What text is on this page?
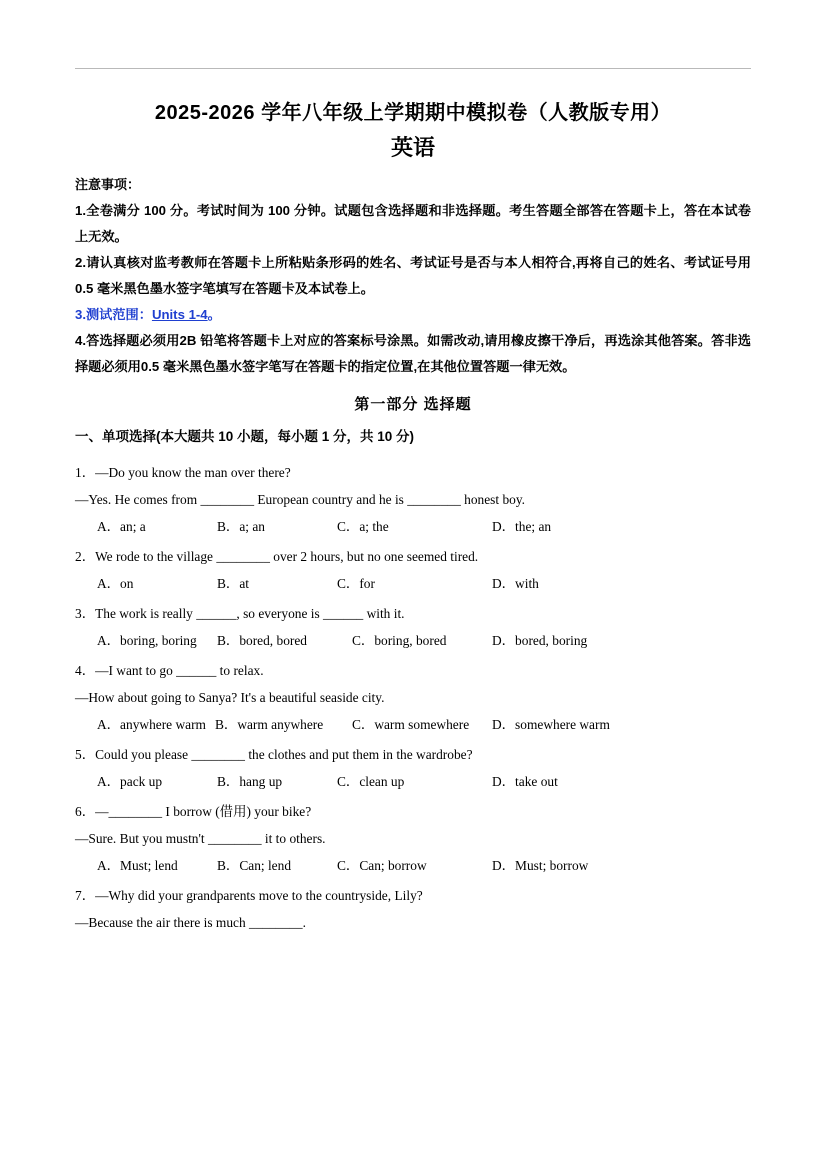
2025-2026 学年八年级上学期期中模拟卷（人教版专用）
英语
注意事项：

1.全卷满分 100 分。考试时间为 100 分钟。试题包含选择题和非选择题。考生答题全部答在答题卡上，答在本试卷上无效。

2.请认真核对监考教师在答题卡上所粘贴条形码的姓名、考试证号是否与本人相符合,再将自己的姓名、考试证号用0.5 毫米黑色墨水签字笔填写在答题卡及本试卷上。

3.测试范围：Units 1-4。

4.答选择题必须用2B 铅笔将答题卡上对应的答案标号涂黑。如需改动,请用橡皮擦干净后，再选涂其他答案。答非选择题必须用0.5 毫米黑色墨水签字笔写在答题卡的指定位置,在其他位置答题一律无效。

第一部分 选择题
一、单项选择(本大题共 10 小题，每小题 1 分，共 10 分)

1．—Do you know the man over there?

—Yes. He comes from ________ European country and he is ________ honest boy.

A．an; a	B．a; an	C．a; the	D．the; an

2．We rode to the village ________ over 2 hours, but no one seemed tired.

A．on	B．at	C．for	D．with

3．The work is really ______, so everyone is ______ with it.

A．boring, boring	B．bored, bored	C．boring, bored	D．bored, boring

4．—I want to go ______ to relax.

—How about going to Sanya? It's a beautiful seaside city.

A．anywhere warm B．warm anywhere	C．warm somewhere	D．somewhere warm

5．Could you please ________ the clothes and put them in the wardrobe?

A．pack up	B．hang up	C．clean up	D．take out

6．—________ I borrow (借用) your bike?

—Sure. But you mustn't ________ it to others.

A．Must; lend	B．Can; lend	C．Can; borrow	D．Must; borrow

7．—Why did your grandparents move to the countryside, Lily?

—Because the air there is much ________.
